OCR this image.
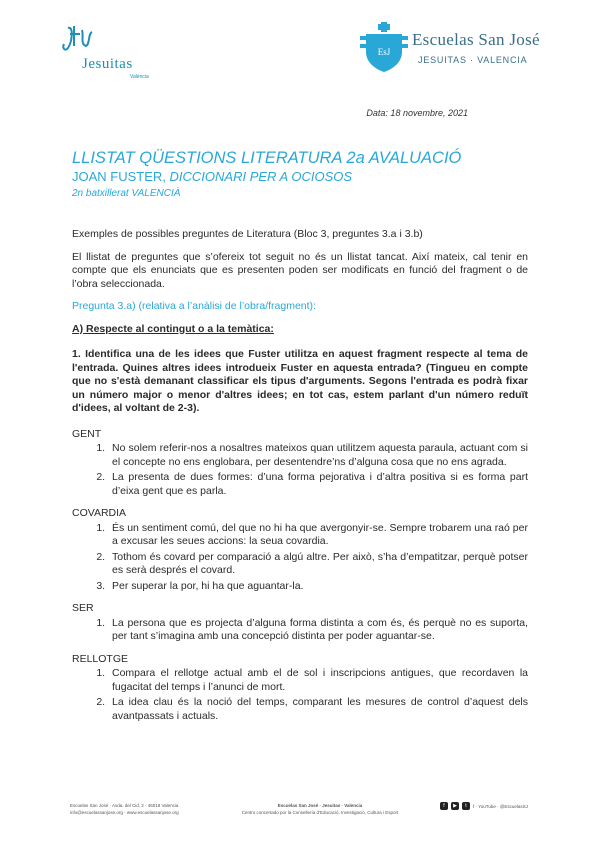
Jesuitas
València
EsJ
Escuelas San José
JESUITAS · VALENCIA
Data: 18 novembre, 2021
LLISTAT QÜESTIONS LITERATURA 2a AVALUACIÓ
JOAN FUSTER, DICCIONARI PER A OCIOSOS
2n batxillerat VALENCIÀ

Exemples de possibles preguntes de Literatura (Bloc 3, preguntes 3.a i 3.b)

El llistat de preguntes que s’ofereix tot seguit no és un llistat tancat. Així mateix, cal tenir en compte que els enunciats que es presenten poden ser modificats en funció del fragment o de l’obra seleccionada.

Pregunta 3.a) (relativa a l’anàlisi de l’obra/fragment):

A) Respecte al contingut o a la temàtica:

1. Identifica una de les idees que Fuster utilitza en aquest fragment respecte al tema de l'entrada. Quines altres idees introdueix Fuster en aquesta entrada? (Tingueu en compte que no s'està demanant classificar els tipus d'arguments. Segons l'entrada es podrà fixar un número major o menor d'altres idees; en tot cas, estem parlant d'un número reduït d'idees, al voltant de 2-3).

GENT
1. No solem referir-nos a nosaltres mateixos quan utilitzem aquesta paraula, actuant com si el concepte no ens englobara, per desentendre’ns d’alguna cosa que no ens agrada.
2. La presenta de dues formes: d’una forma pejorativa i d’altra positiva si es forma part d’eixa gent que es parla.
COVARDIA
1. És un sentiment comú, del que no hi ha que avergonyir-se. Sempre trobarem una raó per a excusar les seues accions: la seua covardia.
2. Tothom és covard per comparació a algú altre. Per això, s’ha d’empatitzar, perquè potser es serà després el covard.
3. Per superar la por, hi ha que aguantar-la.
SER
1. La persona que es projecta d’alguna forma distinta a com és, és perquè no es suporta, per tant s’imagina amb una concepció distinta per poder aguantar-se.
RELLOTGE
1. Compara el rellotge actual amb el de sol i inscripcions antigues, que recordaven la fugacitat del temps i l’anunci de mort.
2. La idea clau és la noció del temps, comparant les mesures de control d’aquest dels avantpassats i actuals.
Escuelas San José · Avda. del Cid, 2 · 46018 Valencia
info@escuelassanjose.org · www.escuelassanjose.org
Escuelas San José · Jesuitas · Valencia
Centro concertado por la Consellería d’Educació, Investigació, Cultura i Esport
f	▶	t	f · YouTube · @EscuelasSJ
